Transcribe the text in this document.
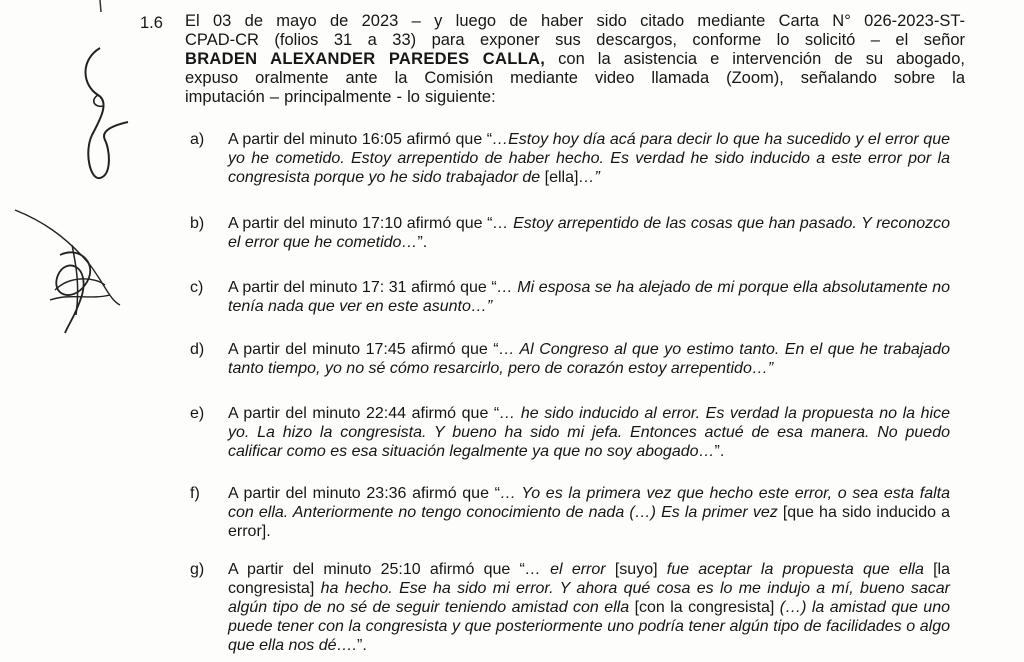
1.6 El 03 de mayo de 2023 – y luego de haber sido citado mediante Carta N° 026-2023-ST-
CPAD-CR (folios 31 a 33) para exponer sus descargos, conforme lo solicitó – el señor
BRADEN ALEXANDER PAREDES CALLA, con la asistencia e intervención de su abogado,
expuso oralmente ante la Comisión mediante video llamada (Zoom), señalando sobre la
imputación – principalmente - lo siguiente:
a) A partir del minuto 16:05 afirmó que “…Estoy hoy día acá para decir lo que ha sucedido y el error que yo he cometido. Estoy arrepentido de haber hecho. Es verdad he sido inducido a este error por la congresista porque yo he sido trabajador de [ella]…”
b) A partir del minuto 17:10 afirmó que “… Estoy arrepentido de las cosas que han pasado. Y reconozco el error que he cometido…”.
c) A partir del minuto 17: 31 afirmó que “… Mi esposa se ha alejado de mi porque ella absolutamente no tenía nada que ver en este asunto…”
d) A partir del minuto 17:45 afirmó que “… Al Congreso al que yo estimo tanto. En el que he trabajado tanto tiempo, yo no sé cómo resarcirlo, pero de corazón estoy arrepentido…”
e) A partir del minuto 22:44 afirmó que “… he sido inducido al error. Es verdad la propuesta no la hice yo. La hizo la congresista. Y bueno ha sido mi jefa. Entonces actué de esa manera. No puedo calificar como es esa situación legalmente ya que no soy abogado…”.
f) A partir del minuto 23:36 afirmó que “… Yo es la primera vez que hecho este error, o sea esta falta con ella. Anteriormente no tengo conocimiento de nada (…) Es la primer vez [que ha sido inducido a error].
g) A partir del minuto 25:10 afirmó que “… el error [suyo] fue aceptar la propuesta que ella [la congresista] ha hecho. Ese ha sido mi error. Y ahora qué cosa es lo me indujo a mí, bueno sacar algún tipo de no sé de seguir teniendo amistad con ella [con la congresista] (…) la amistad que uno puede tener con la congresista y que posteriormente uno podría tener algún tipo de facilidades o algo que ella nos dé….”.
